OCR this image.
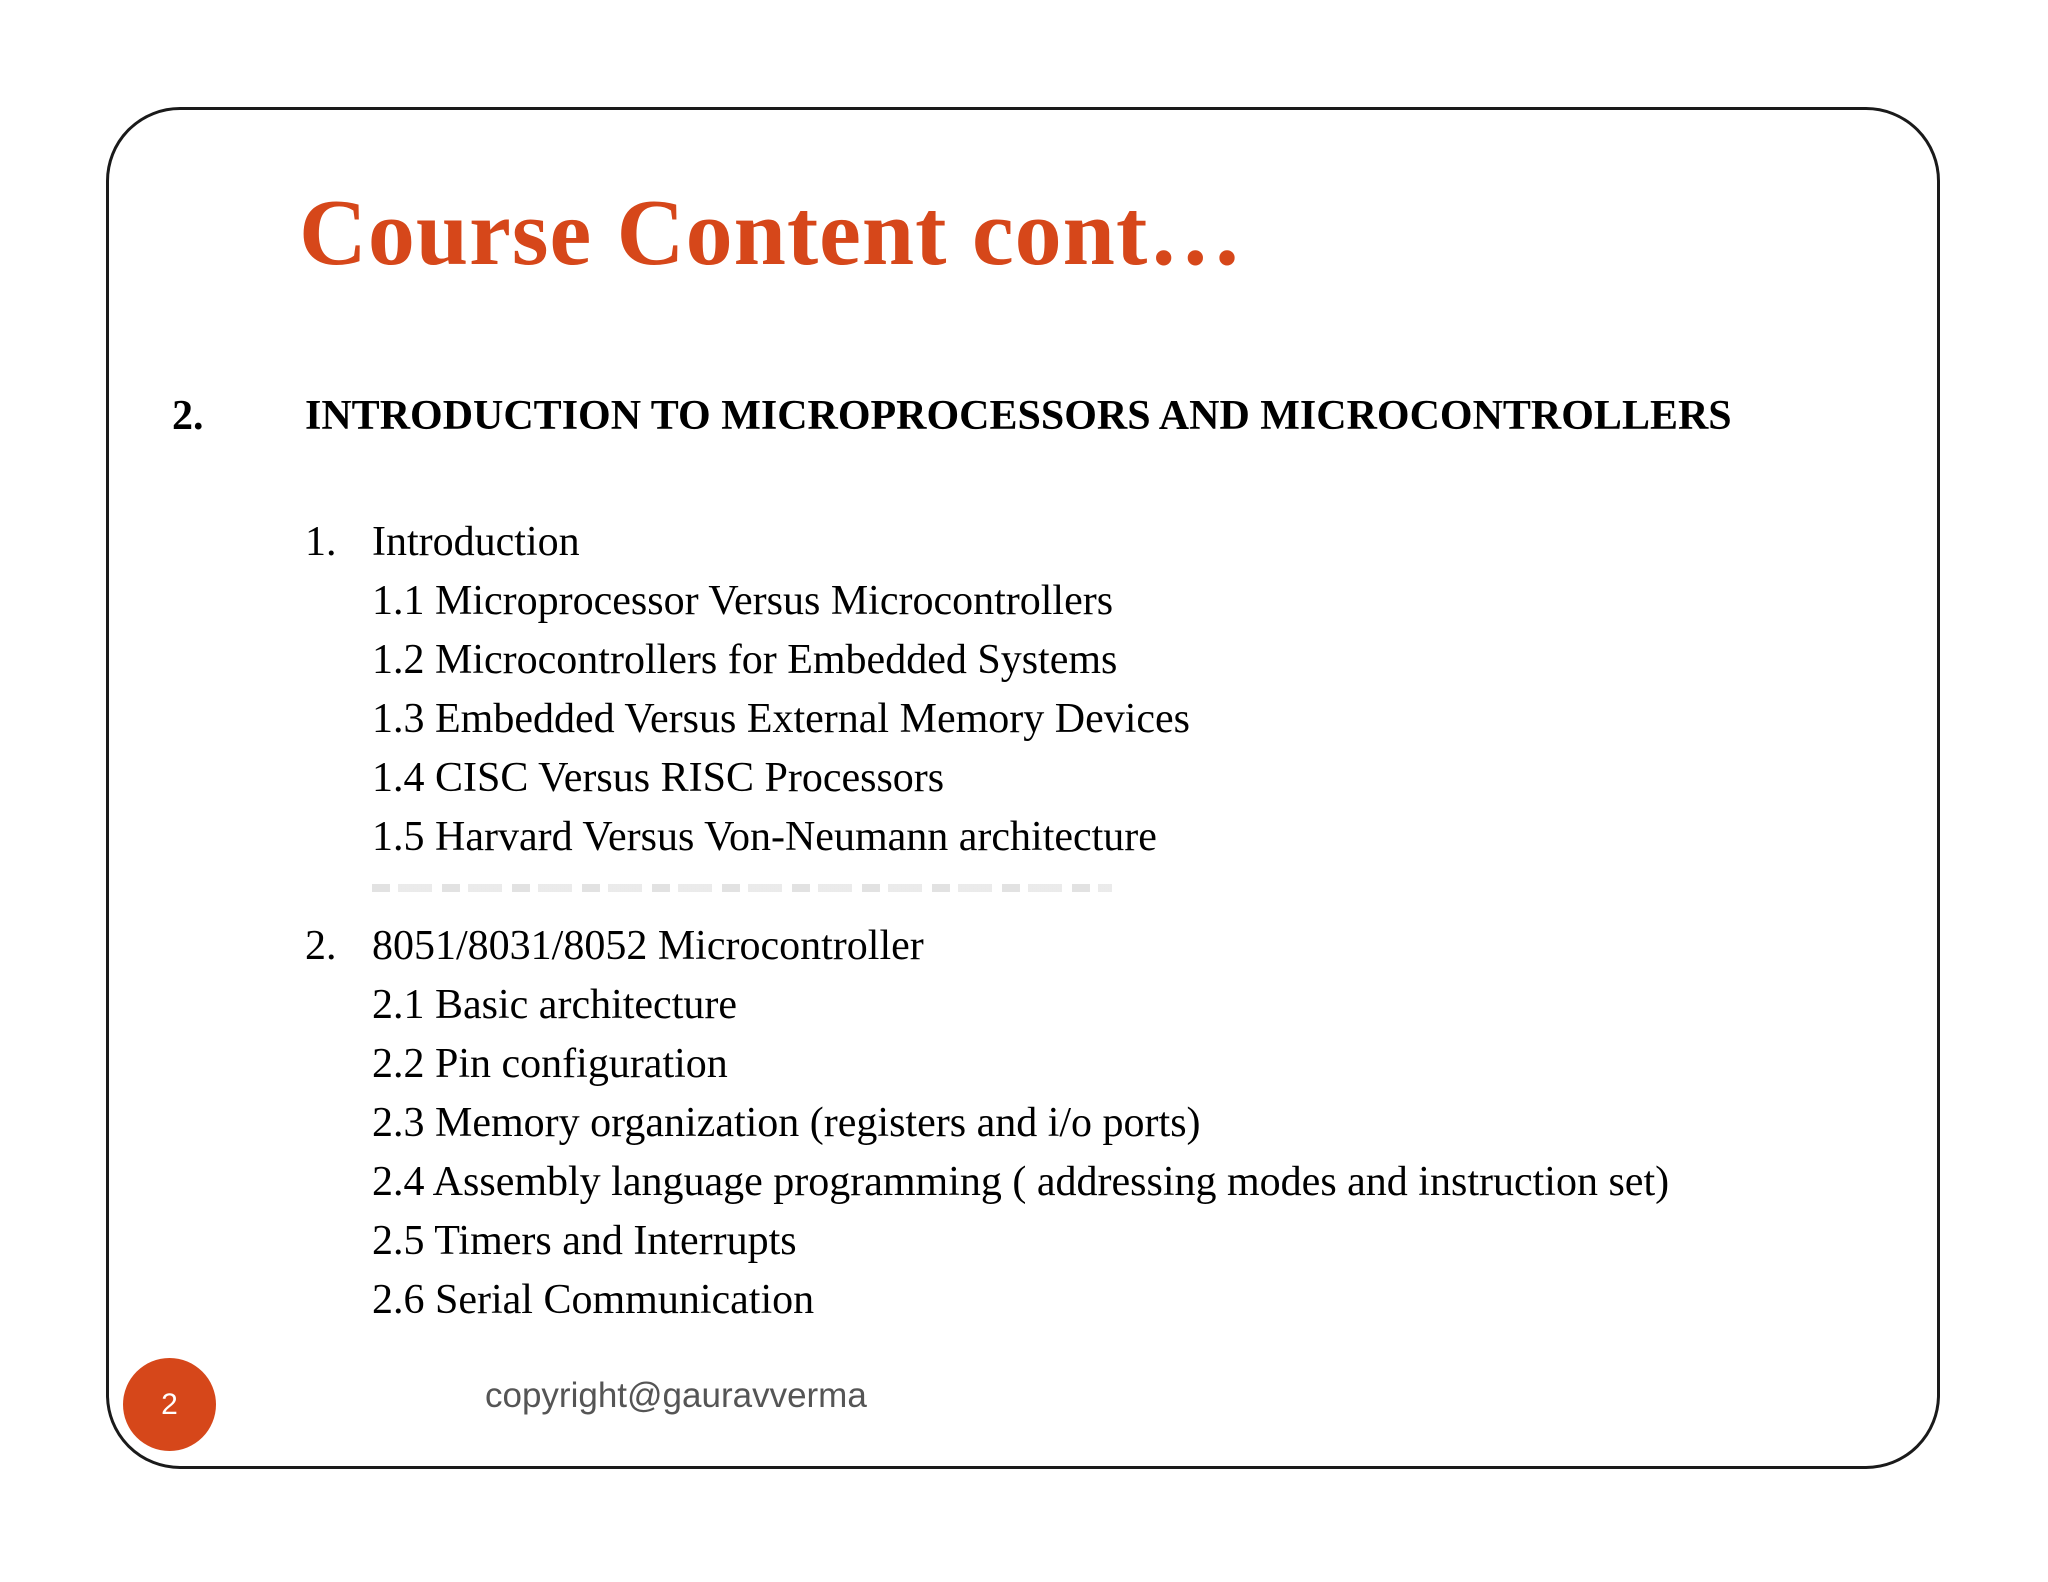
Course Content cont…
2. INTRODUCTION TO MICROPROCESSORS AND MICROCONTROLLERS
1. Introduction
1.1 Microprocessor Versus Microcontrollers
1.2 Microcontrollers for Embedded Systems
1.3 Embedded Versus External Memory Devices
1.4 CISC Versus RISC Processors
1.5 Harvard Versus Von-Neumann architecture
2. 8051/8031/8052 Microcontroller
2.1 Basic architecture
2.2 Pin configuration
2.3 Memory organization (registers and i/o ports)
2.4 Assembly language programming ( addressing modes and instruction set)
2.5 Timers and Interrupts
2.6 Serial Communication
2	copyright@gauravverma
